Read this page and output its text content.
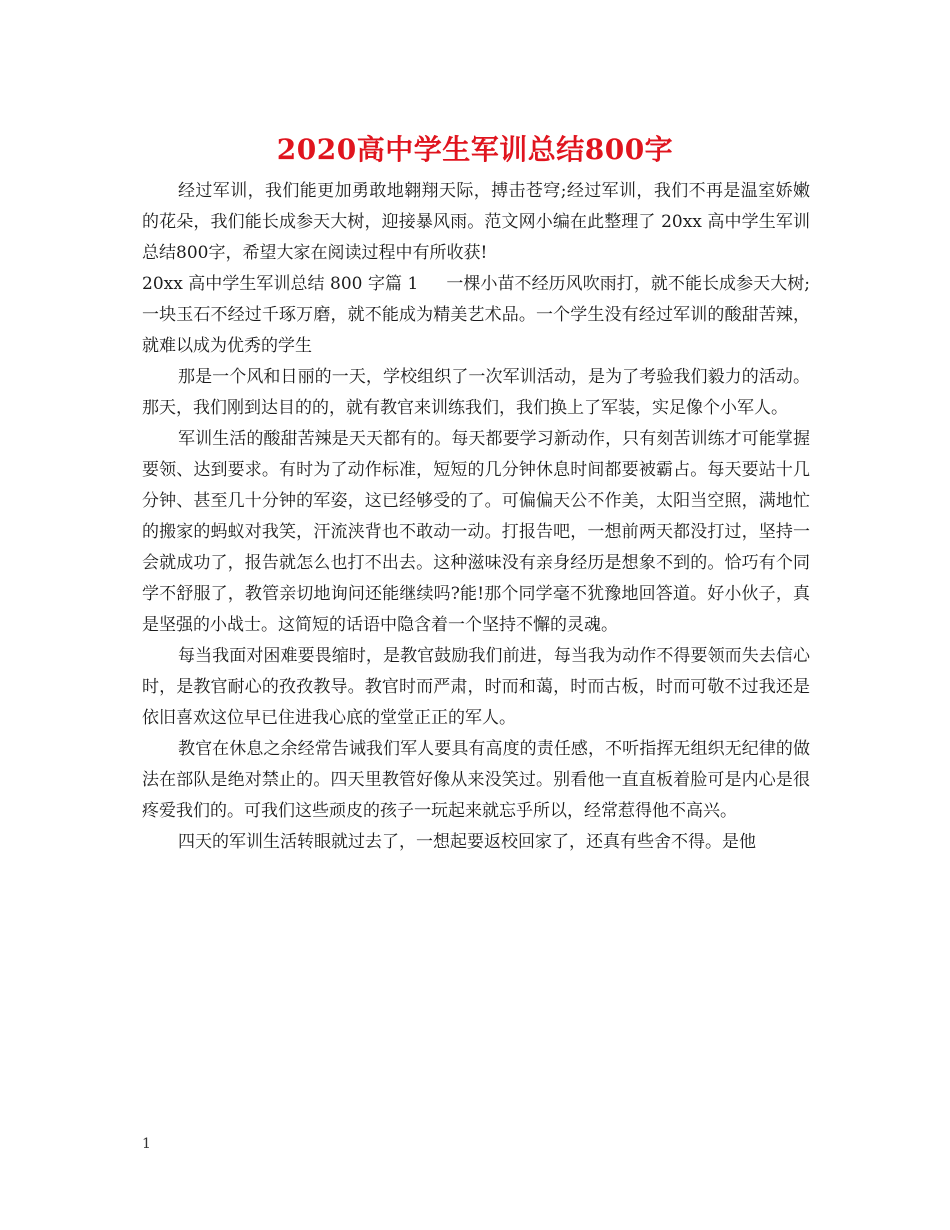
2020高中学生军训总结800字

经过军训，我们能更加勇敢地翱翔天际，搏击苍穹;经过军训，我们不再是温室娇嫩的花朵，我们能长成参天大树，迎接暴风雨。范文网小编在此整理了 20xx 高中学生军训总结800字，希望大家在阅读过程中有所收获!

20xx 高中学生军训总结 800 字篇 1 一棵小苗不经历风吹雨打，就不能长成参天大树;一块玉石不经过千琢万磨，就不能成为精美艺术品。一个学生没有经过军训的酸甜苦辣，就难以成为优秀的学生

那是一个风和日丽的一天，学校组织了一次军训活动，是为了考验我们毅力的活动。那天，我们刚到达目的的，就有教官来训练我们，我们换上了军装，实足像个小军人。

军训生活的酸甜苦辣是天天都有的。每天都要学习新动作，只有刻苦训练才可能掌握要领、达到要求。有时为了动作标准，短短的几分钟休息时间都要被霸占。每天要站十几分钟、甚至几十分钟的军姿，这已经够受的了。可偏偏天公不作美，太阳当空照，满地忙的搬家的蚂蚁对我笑，汗流浃背也不敢动一动。打报告吧，一想前两天都没打过，坚持一会就成功了，报告就怎么也打不出去。这种滋味没有亲身经历是想象不到的。恰巧有个同学不舒服了，教管亲切地询问还能继续吗?能!那个同学毫不犹豫地回答道。好小伙子，真是坚强的小战士。这简短的话语中隐含着一个坚持不懈的灵魂。

每当我面对困难要畏缩时，是教官鼓励我们前进，每当我为动作不得要领而失去信心时，是教官耐心的孜孜教导。教官时而严肃，时而和蔼，时而古板，时而可敬不过我还是依旧喜欢这位早已住进我心底的堂堂正正的军人。

教官在休息之余经常告诫我们军人要具有高度的责任感，不听指挥无组织无纪律的做法在部队是绝对禁止的。四天里教管好像从来没笑过。别看他一直直板着脸可是内心是很疼爱我们的。可我们这些顽皮的孩子一玩起来就忘乎所以，经常惹得他不高兴。

四天的军训生活转眼就过去了，一想起要返校回家了，还真有些舍不得。是他

1
